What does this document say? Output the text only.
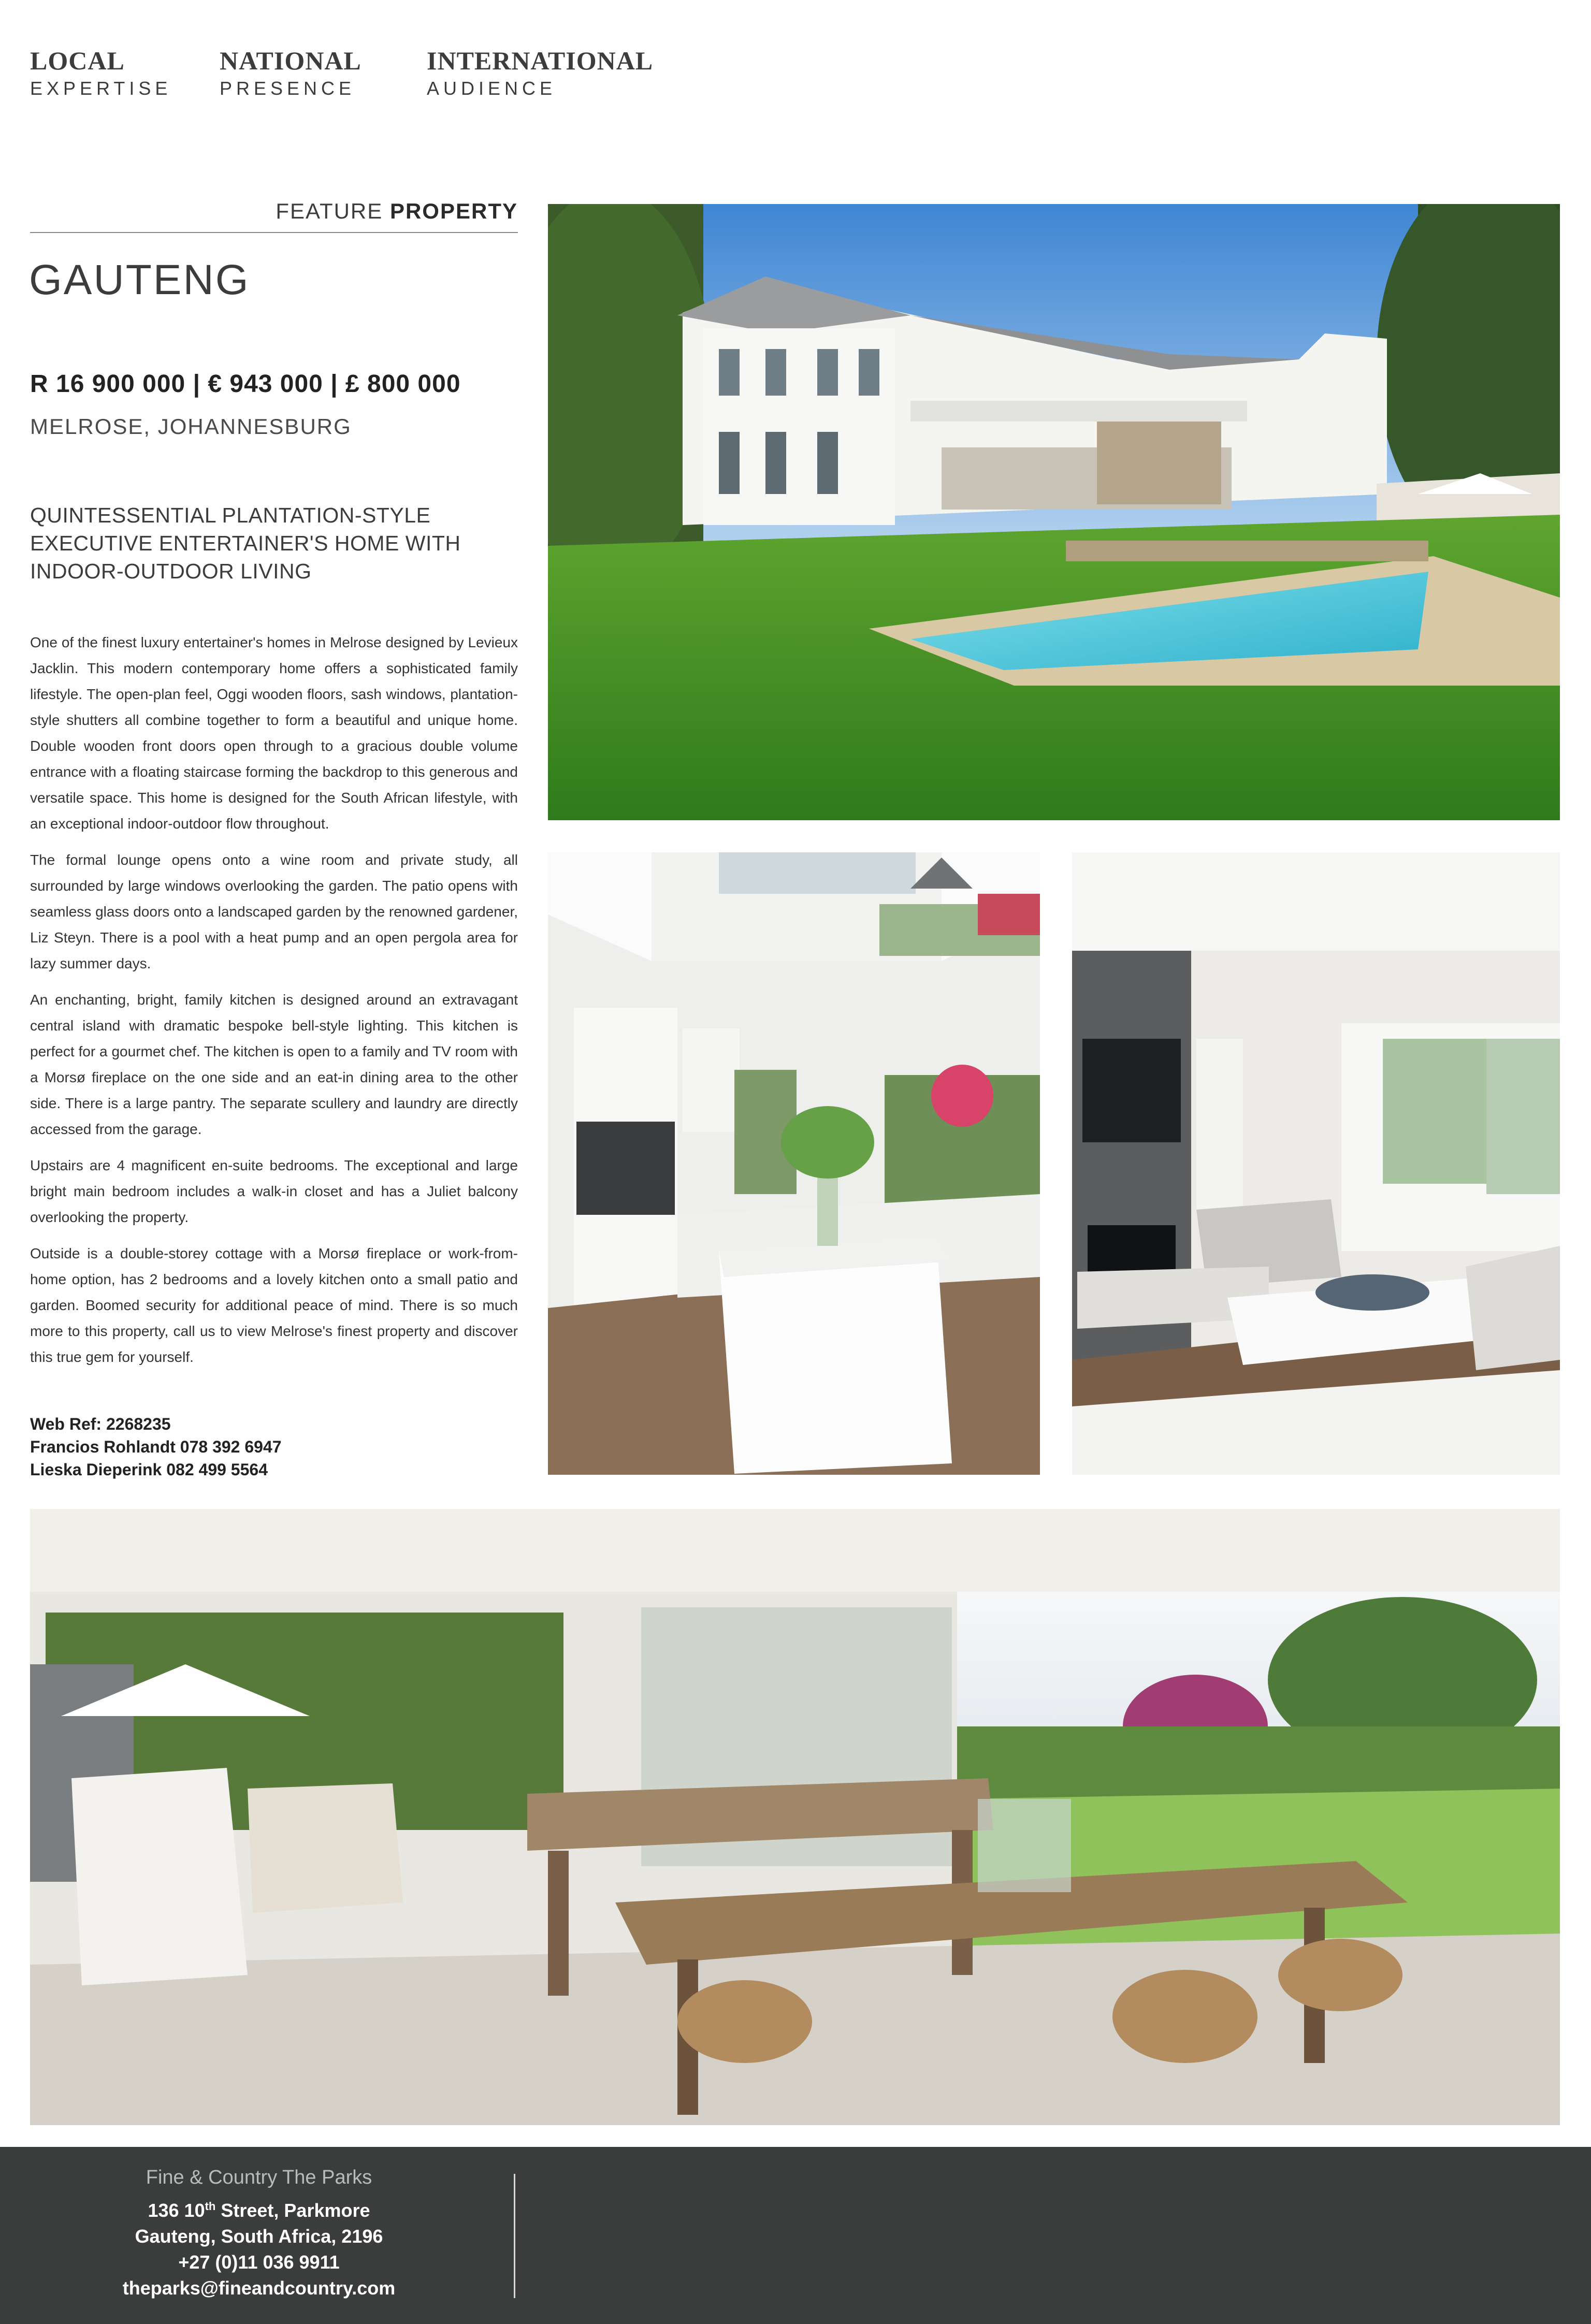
LOCAL
EXPERTISE
NATIONAL
PRESENCE
INTERNATIONAL
AUDIENCE
FEATURE PROPERTY
GAUTENG
R 16 900 000 | € 943 000 | £ 800 000
MELROSE, JOHANNESBURG
QUINTESSENTIAL PLANTATION-STYLE EXECUTIVE ENTERTAINER'S HOME WITH INDOOR-OUTDOOR LIVING

One of the finest luxury entertainer's homes in Melrose designed by Levieux Jacklin. This modern contemporary home offers a sophisticated family lifestyle. The open-plan feel, Oggi wooden floors, sash windows, plantation-style shutters all combine together to form a beautiful and unique home. Double wooden front doors open through to a gracious double volume entrance with a floating staircase forming the backdrop to this generous and versatile space. This home is designed for the South African lifestyle, with an exceptional indoor-outdoor flow throughout.

The formal lounge opens onto a wine room and private study, all surrounded by large windows overlooking the garden. The patio opens with seamless glass doors onto a landscaped garden by the renowned gardener, Liz Steyn. There is a pool with a heat pump and an open pergola area for lazy summer days.

An enchanting, bright, family kitchen is designed around an extravagant central island with dramatic bespoke bell-style lighting. This kitchen is perfect for a gourmet chef. The kitchen is open to a family and TV room with a Morsø fireplace on the one side and an eat-in dining area to the other side. There is a large pantry. The separate scullery and laundry are directly accessed from the garage.

Upstairs are 4 magnificent en-suite bedrooms. The exceptional and large bright main bedroom includes a walk-in closet and has a Juliet balcony overlooking the property.

Outside is a double-storey cottage with a Morsø fireplace or work-from-home option, has 2 bedrooms and a lovely kitchen onto a small patio and garden. Boomed security for additional peace of mind. There is so much more to this property, call us to view Melrose's finest property and discover this true gem for yourself.

Web Ref: 2268235
Francios Rohlandt 078 392 6947
Lieska Dieperink 082 499 5564
Fine & Country The Parks
136 10th Street, Parkmore
Gauteng, South Africa, 2196
+27 (0)11 036 9911
theparks@fineandcountry.com
